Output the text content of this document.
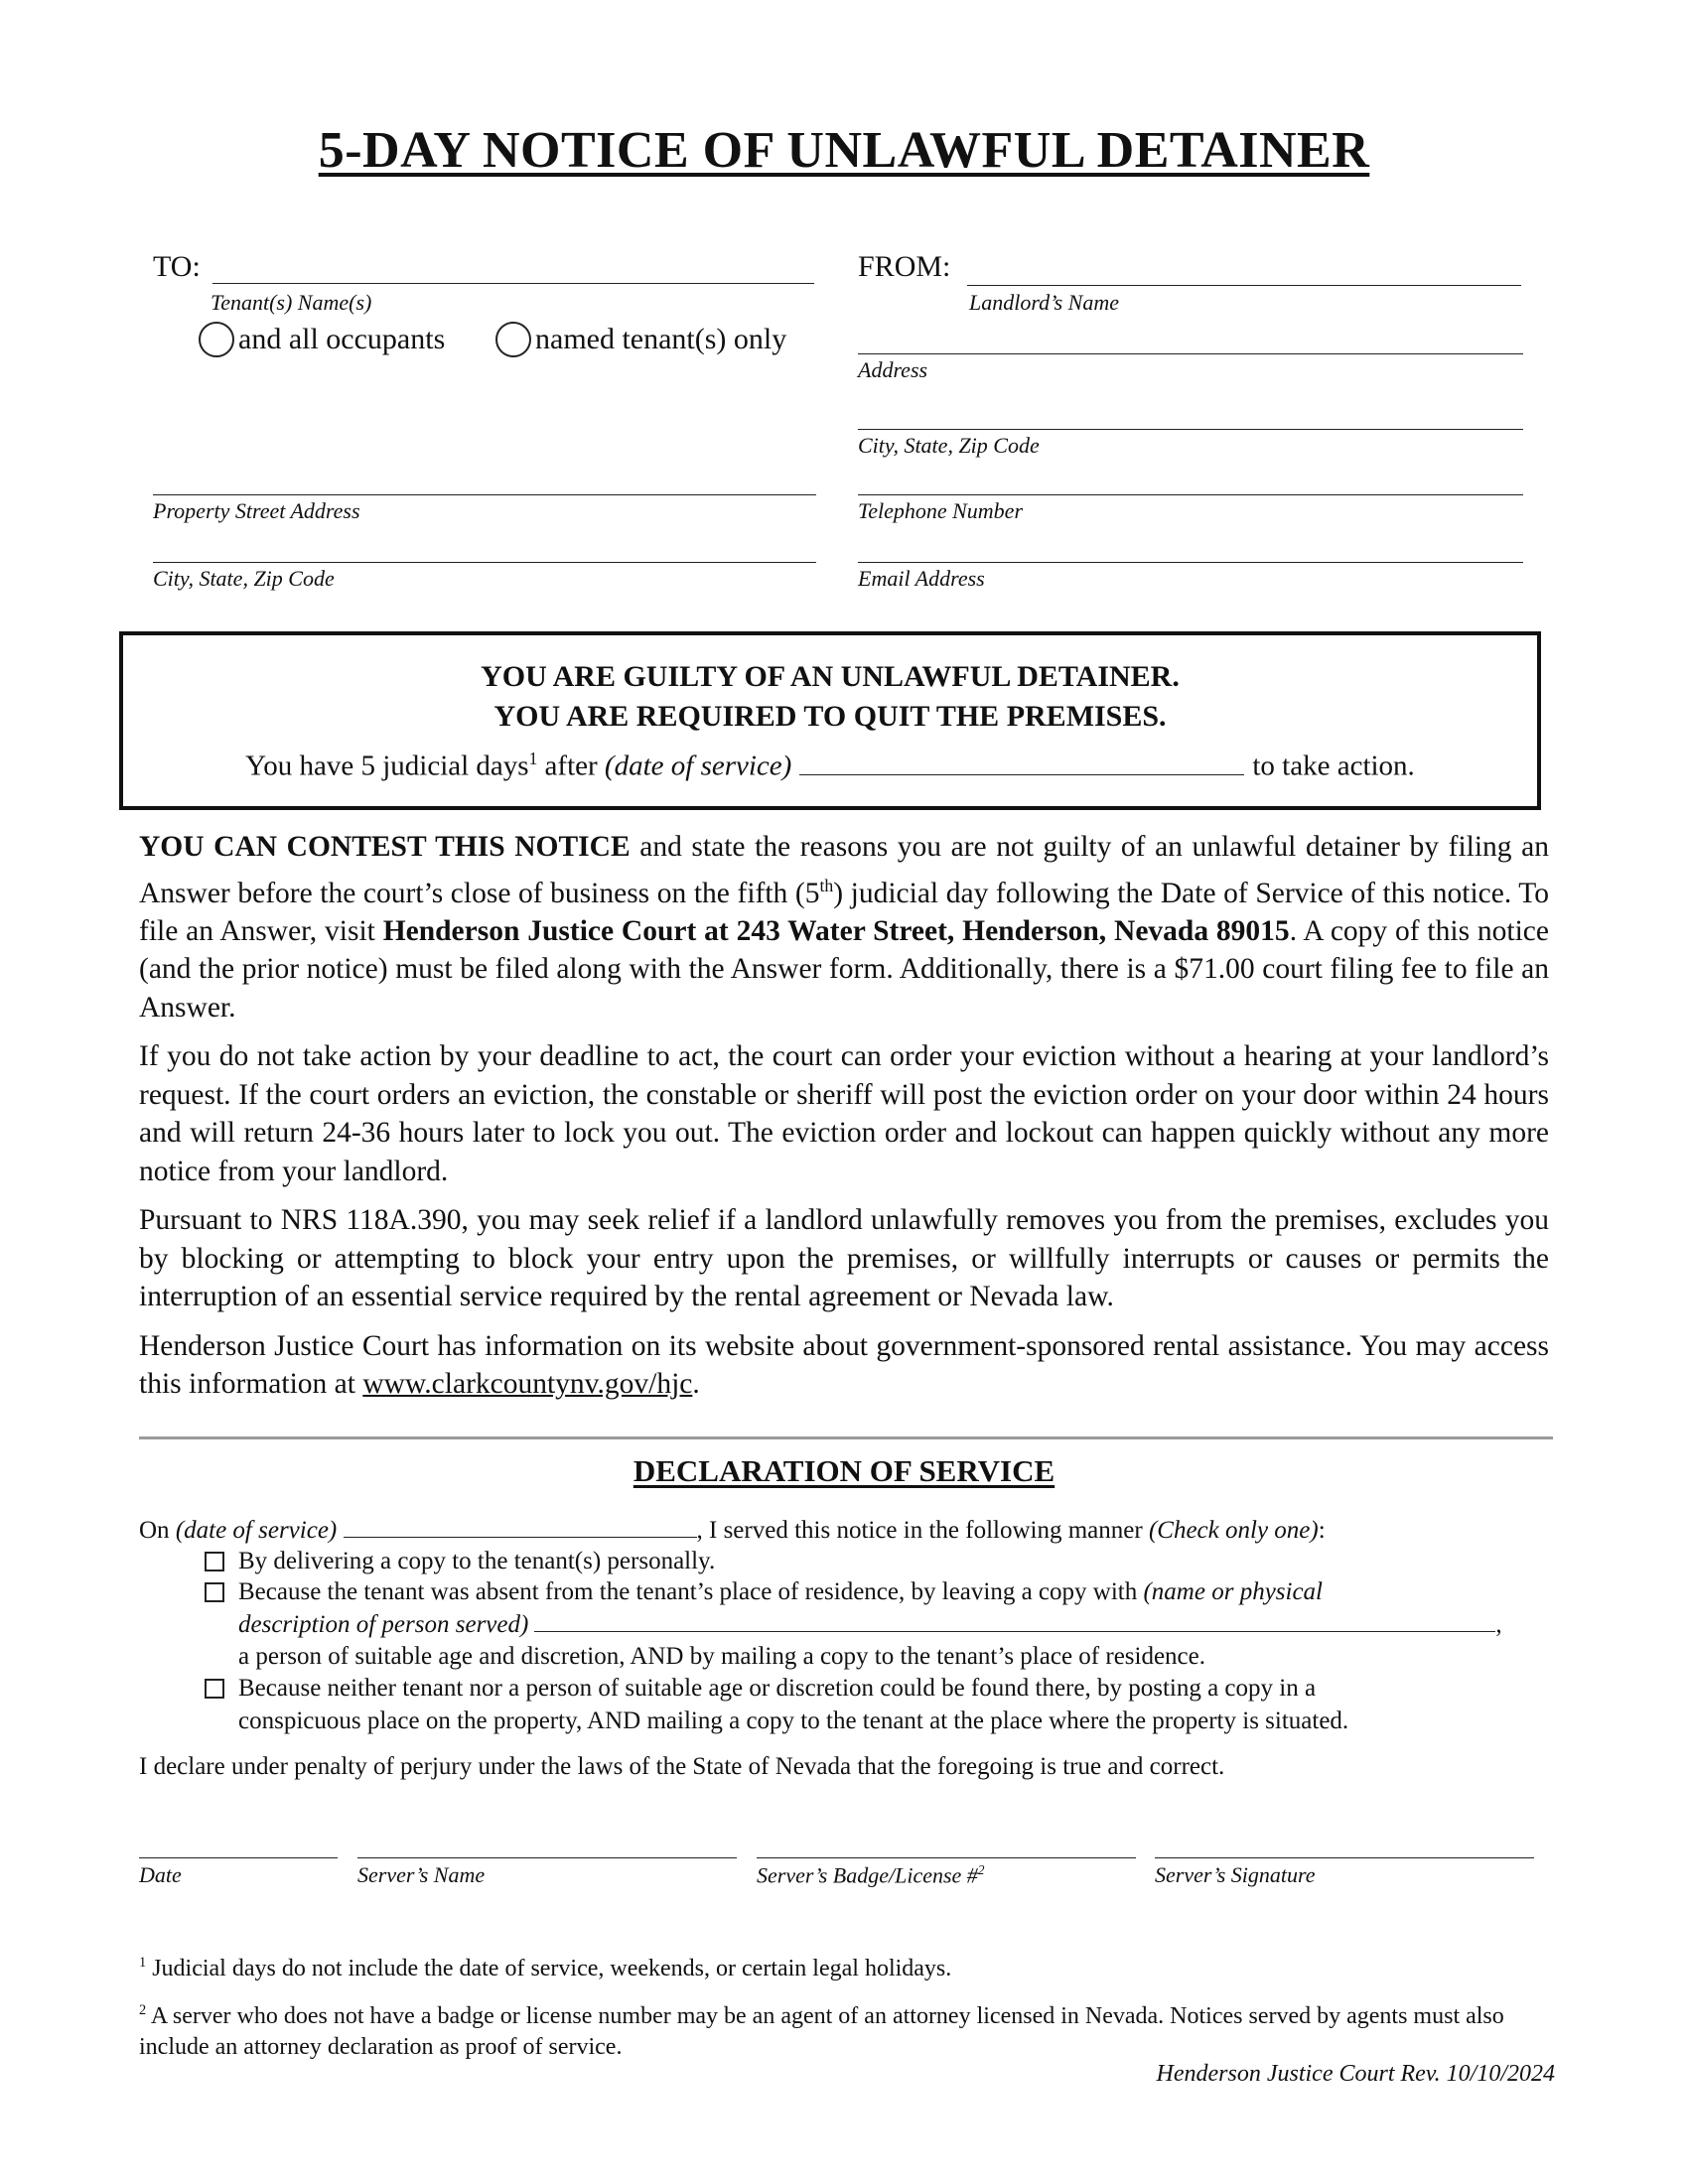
5-DAY NOTICE OF UNLAWFUL DETAINER
TO:
Tenant(s) Name(s)
and all occupants	named tenant(s) only
Property Street Address
City, State, Zip Code
FROM:
Landlord’s Name
Address
City, State, Zip Code
Telephone Number
Email Address
YOU ARE GUILTY OF AN UNLAWFUL DETAINER.
YOU ARE REQUIRED TO QUIT THE PREMISES.
You have 5 judicial days$^1$ after (date of service)	to take action.

YOU CAN CONTEST THIS NOTICE and state the reasons you are not guilty of an unlawful detainer by filing an Answer before the court’s close of business on the fifth (5th) judicial day following the Date of Service of this notice. To file an Answer, visit Henderson Justice Court at 243 Water Street, Henderson, Nevada 89015. A copy of this notice (and the prior notice) must be filed along with the Answer form. Additionally, there is a $71.00 court filing fee to file an Answer.

If you do not take action by your deadline to act, the court can order your eviction without a hearing at your landlord’s request. If the court orders an eviction, the constable or sheriff will post the eviction order on your door within 24 hours and will return 24-36 hours later to lock you out. The eviction order and lockout can happen quickly without any more notice from your landlord.

Pursuant to NRS 118A.390, you may seek relief if a landlord unlawfully removes you from the premises, excludes you by blocking or attempting to block your entry upon the premises, or willfully interrupts or causes or permits the interruption of an essential service required by the rental agreement or Nevada law.

Henderson Justice Court has information on its website about government-sponsored rental assistance. You may access this information at www.clarkcountynv.gov/hjc.

DECLARATION OF SERVICE
On (date of service)	, I served this notice in the following manner (Check only one):
By delivering a copy to the tenant(s) personally.
Because the tenant was absent from the tenant’s place of residence, by leaving a copy with (name or physical
description of person served)	,
a person of suitable age and discretion, AND by mailing a copy to the tenant’s place of residence.
Because neither tenant nor a person of suitable age or discretion could be found there, by posting a copy in a
conspicuous place on the property, AND mailing a copy to the tenant at the place where the property is situated.
I declare under penalty of perjury under the laws of the State of Nevada that the foregoing is true and correct.
Date	Server’s Name	Server’s Badge/License #$^2$	Server’s Signature
$^1$ Judicial days do not include the date of service, weekends, or certain legal holidays.
$^2$ A server who does not have a badge or license number may be an agent of an attorney licensed in Nevada. Notices served by agents must also include an attorney declaration as proof of service.
Henderson Justice Court Rev. 10/10/2024
